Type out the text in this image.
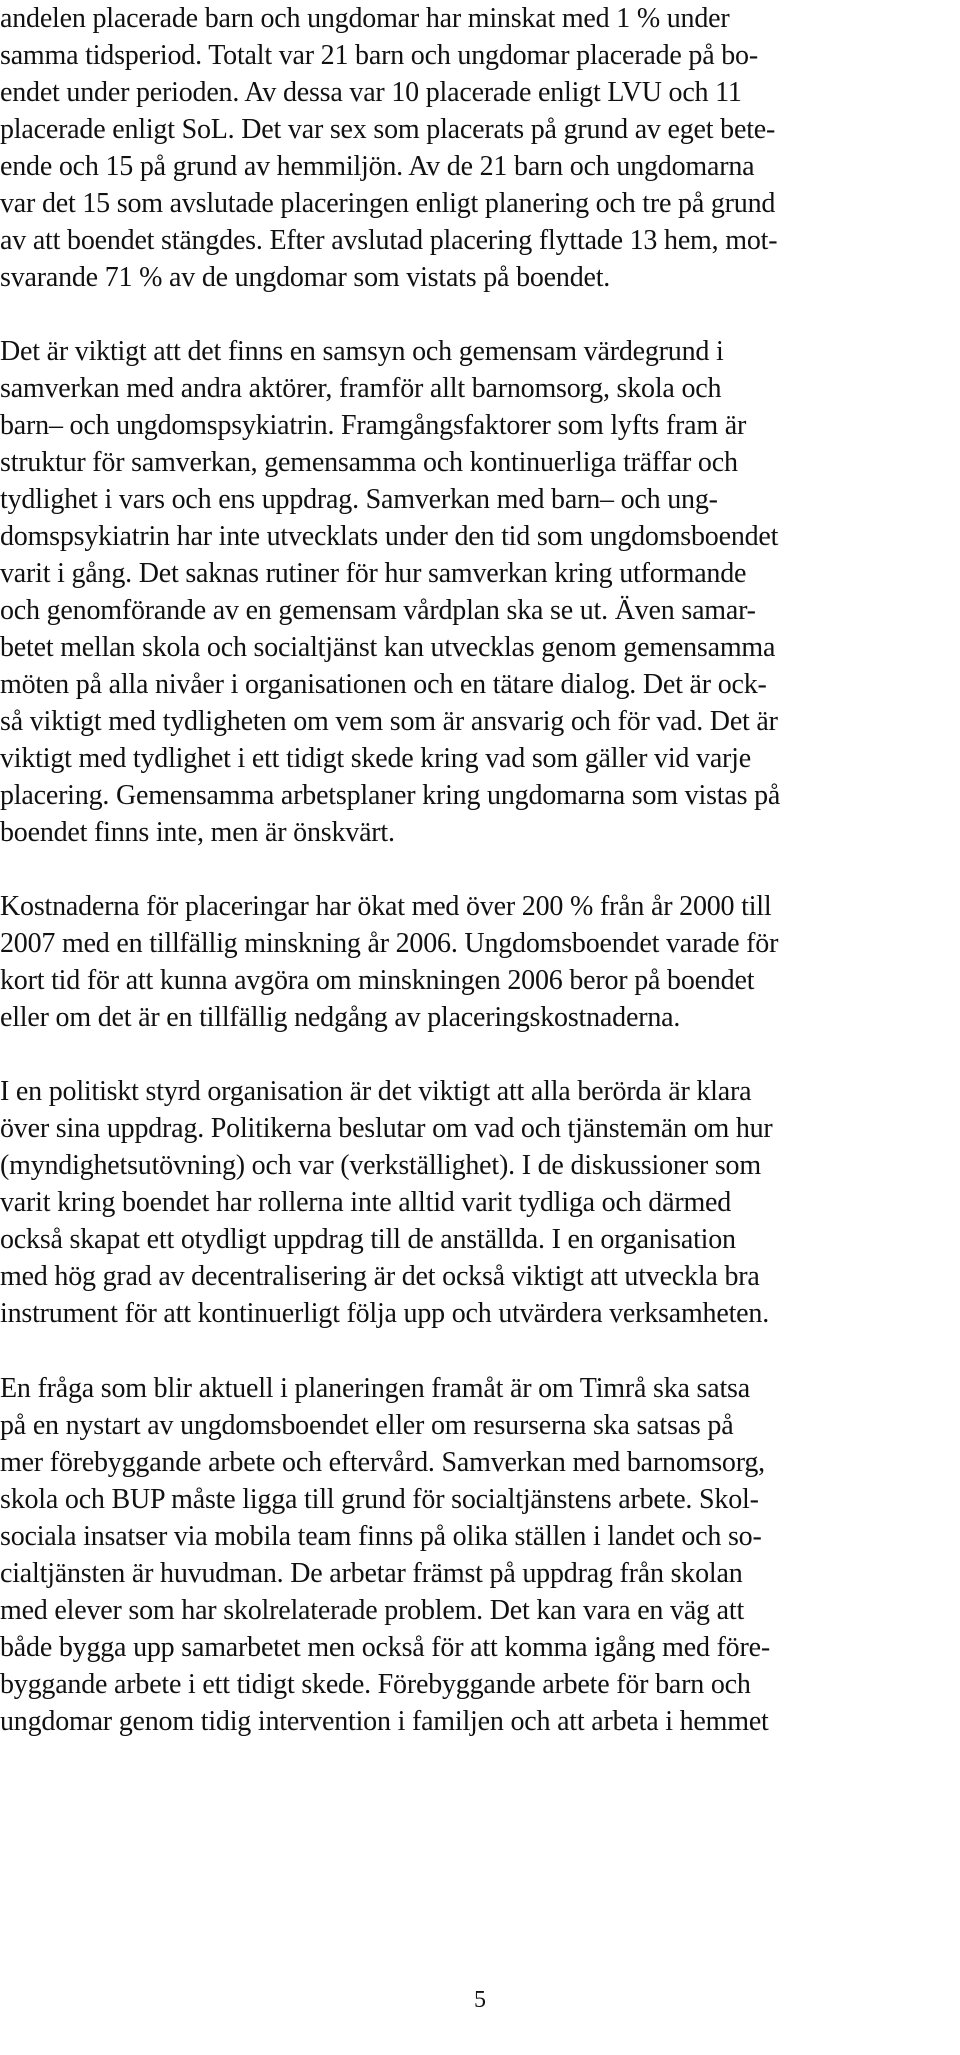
andelen placerade barn och ungdomar har minskat med 1 % under
samma tidsperiod. Totalt var 21 barn och ungdomar placerade på bo-
endet under perioden. Av dessa var 10 placerade enligt LVU och 11
placerade enligt SoL. Det var sex som placerats på grund av eget bete-
ende och 15 på grund av hemmiljön. Av de 21 barn och ungdomarna
var det 15 som avslutade placeringen enligt planering och tre på grund
av att boendet stängdes. Efter avslutad placering flyttade 13 hem, mot-
svarande 71 % av de ungdomar som vistats på boendet.
Det är viktigt att det finns en samsyn och gemensam värdegrund i
samverkan med andra aktörer, framför allt barnomsorg, skola och
barn– och ungdomspsykiatrin. Framgångsfaktorer som lyfts fram är
struktur för samverkan, gemensamma och kontinuerliga träffar och
tydlighet i vars och ens uppdrag. Samverkan med barn– och ung-
domspsykiatrin har inte utvecklats under den tid som ungdomsboendet
varit i gång. Det saknas rutiner för hur samverkan kring utformande
och genomförande av en gemensam vårdplan ska se ut. Även samar-
betet mellan skola och socialtjänst kan utvecklas genom gemensamma
möten på alla nivåer i organisationen och en tätare dialog. Det är ock-
så viktigt med tydligheten om vem som är ansvarig och för vad. Det är
viktigt med tydlighet i ett tidigt skede kring vad som gäller vid varje
placering. Gemensamma arbetsplaner kring ungdomarna som vistas på
boendet finns inte, men är önskvärt.
Kostnaderna för placeringar har ökat med över 200 % från år 2000 till
2007 med en tillfällig minskning år 2006. Ungdomsboendet varade för
kort tid för att kunna avgöra om minskningen 2006 beror på boendet
eller om det är en tillfällig nedgång av placeringskostnaderna.
I en politiskt styrd organisation är det viktigt att alla berörda är klara
över sina uppdrag. Politikerna beslutar om vad och tjänstemän om hur
(myndighetsutövning) och var (verkställighet). I de diskussioner som
varit kring boendet har rollerna inte alltid varit tydliga och därmed
också skapat ett otydligt uppdrag till de anställda. I en organisation
med hög grad av decentralisering är det också viktigt att utveckla bra
instrument för att kontinuerligt följa upp och utvärdera verksamheten.
En fråga som blir aktuell i planeringen framåt är om Timrå ska satsa
på en nystart av ungdomsboendet eller om resurserna ska satsas på
mer förebyggande arbete och eftervård. Samverkan med barnomsorg,
skola och BUP måste ligga till grund för socialtjänstens arbete. Skol-
sociala insatser via mobila team finns på olika ställen i landet och so-
cialtjänsten är huvudman. De arbetar främst på uppdrag från skolan
med elever som har skolrelaterade problem. Det kan vara en väg att
både bygga upp samarbetet men också för att komma igång med före-
byggande arbete i ett tidigt skede. Förebyggande arbete för barn och
ungdomar genom tidig intervention i familjen och att arbeta i hemmet
5
